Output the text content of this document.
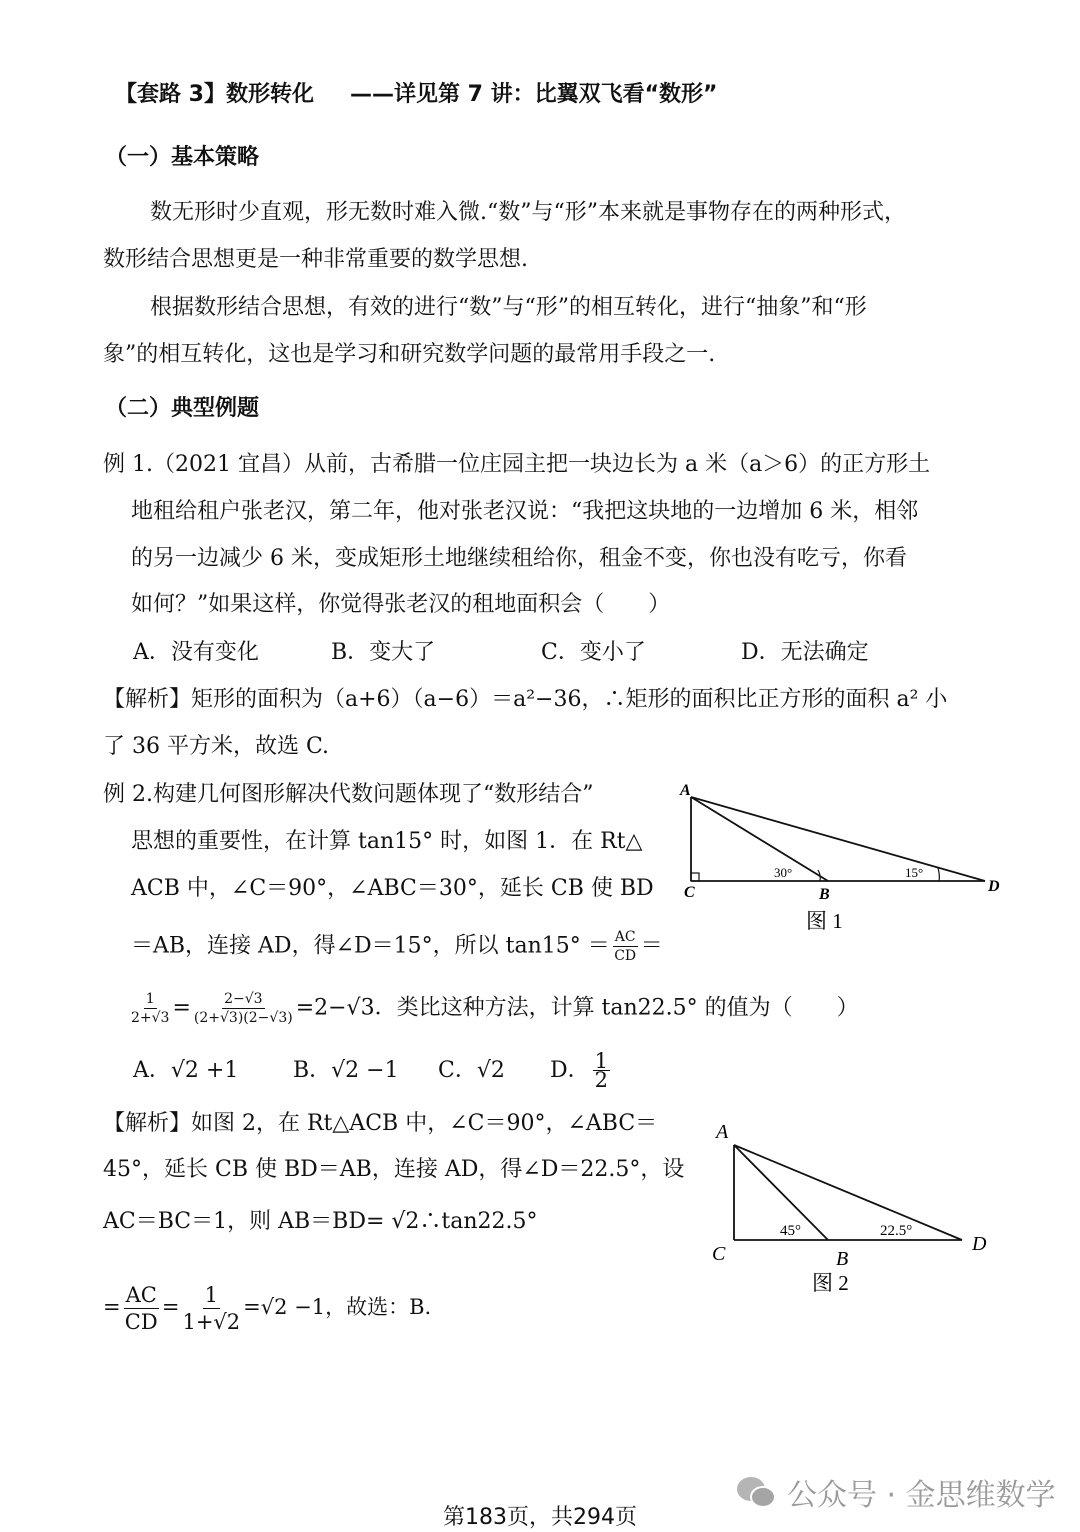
【套路 3】数形转化 ——详见第 7 讲：比翼双飞看“数形”
（一）基本策略
数无形时少直观，形无数时难入微.“数”与“形”本来就是事物存在的两种形式，
数形结合思想更是一种非常重要的数学思想.
根据数形结合思想，有效的进行“数”与“形”的相互转化，进行“抽象”和“形
象”的相互转化，这也是学习和研究数学问题的最常用手段之一.
（二）典型例题
例 1.（2021 宜昌）从前，古希腊一位庄园主把一块边长为 a 米（a＞6）的正方形土
地租给租户张老汉，第二年，他对张老汉说：“我把这块地的一边增加 6 米，相邻
的另一边减少 6 米，变成矩形土地继续租给你，租金不变，你也没有吃亏，你看
如何？”如果这样，你觉得张老汉的租地面积会（　　）
A．没有变化	B．变大了	C．变小了	D．无法确定
【解析】矩形的面积为（a+6）（a−6）＝a²−36，∴矩形的面积比正方形的面积 a² 小
了 36 平方米，故选 C.
例 2.构建几何图形解决代数问题体现了“数形结合”
思想的重要性，在计算 tan15° 时，如图 1．在 Rt△
ACB 中，∠C＝90°，∠ABC＝30°，延长 CB 使 BD
＝AB，连接 AD，得∠D＝15°，所以 $\tan 15^\circ = \frac{AC}{CD}$ ＝
$\frac{1}{2+√3} = \frac{2-√3}{(2+√3)(2-√3)} =2-√3$．类比这种方法，计算 tan22.5° 的值为（　　）
A．√2 +1 B．√2 −1 C．√2 D． $\frac{1}{2}$
A
C	B	D
30°	15°
图 1
【解析】如图 2，在 Rt△ACB 中，∠C＝90°，∠ABC＝
45°，延长 CB 使 BD＝AB，连接 AD，得∠D＝22.5°，设
AC＝BC＝1，则 AB＝BD= √2∴tan22.5°
= $\frac{AC}{CD} = \frac{1}{1+√2} =√2 -1$，故选：B.
A
C	B
D
45°	22.5°
图 2
公众号 · 金思维数学
第183页，共294页
